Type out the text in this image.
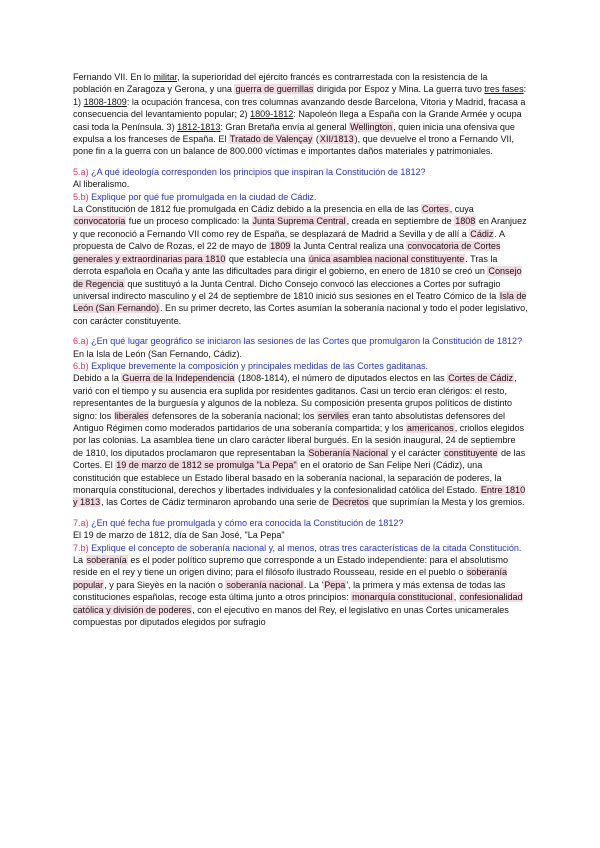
Fernando VII. En lo militar, la superioridad del ejército francés es contrarrestada con la resistencia de la población en Zaragoza y Gerona, y una guerra de guerrillas dirigida por Espoz y Mina. La guerra tuvo tres fases: 1) 1808-1809: la ocupación francesa, con tres columnas avanzando desde Barcelona, Vitoria y Madrid, fracasa a consecuencia del levantamiento popular; 2) 1809-1812: Napoleón llega a España con la Grande Armée y ocupa casi toda la Península. 3) 1812-1813: Gran Bretaña envía al general Wellington, quien inicia una ofensiva que expulsa a los franceses de España. El Tratado de Valençay (XII/1813), que devuelve el trono a Fernando VII, pone fin a la guerra con un balance de 800.000 víctimas e importantes daños materiales y patrimoniales.

5.a) ¿A qué ideología corresponden los principios que inspiran la Constitución de 1812?

Al liberalismo.

5.b) Explique por qué fue promulgada en la ciudad de Cádiz.

La Constitución de 1812 fue promulgada en Cádiz debido a la presencia en ella de las Cortes, cuya convocatoria fue un proceso complicado: la Junta Suprema Central, creada en septiembre de 1808 en Aranjuez y que reconoció a Fernando VII como rey de España, se desplazará de Madrid a Sevilla y de allí a Cádiz. A propuesta de Calvo de Rozas, el 22 de mayo de 1809 la Junta Central realiza una convocatoria de Cortes generales y extraordinarias para 1810 que establecía una única asamblea nacional constituyente. Tras la derrota española en Ocaña y ante las dificultades para dirigir el gobierno, en enero de 1810 se creó un Consejo de Regencia que sustituyó a la Junta Central. Dicho Consejo convocó las elecciones a Cortes por sufragio universal indirecto masculino y el 24 de septiembre de 1810 inició sus sesiones en el Teatro Cómico de la Isla de León (San Fernando). En su primer decreto, las Cortes asumían la soberanía nacional y todo el poder legislativo, con carácter constituyente.

6.a) ¿En qué lugar geográfico se iniciaron las sesiones de las Cortes que promulgaron la Constitución de 1812?

En la Isla de León (San Fernando, Cádiz).

6.b) Explique brevemente la composición y principales medidas de las Cortes gaditanas.

Debido a la Guerra de la Independencia (1808-1814), el número de diputados electos en las Cortes de Cádiz, varió con el tiempo y su ausencia era suplida por residentes gaditanos. Casi un tercio eran clérigos: el resto, representantes de la burguesía y algunos de la nobleza. Su composición presenta grupos políticos de distinto signo: los liberales defensores de la soberanía nacional; los serviles eran tanto absolutistas defensores del Antiguo Régimen como moderados partidarios de una soberanía compartida; y los americanos, criollos elegidos por las colonias. La asamblea tiene un claro carácter liberal burgués. En la sesión inaugural, 24 de septiembre de 1810, los diputados proclamaron que representaban la Soberanía Nacional y el carácter constituyente de las Cortes. El 19 de marzo de 1812 se promulga "La Pepa" en el oratorio de San Felipe Neri (Cádiz), una constitución que establece un Estado liberal basado en la soberanía nacional, la separación de poderes, la monarquía constitucional, derechos y libertades individuales y la confesionalidad católica del Estado. Entre 1810 y 1813, las Cortes de Cádiz terminaron aprobando una serie de Decretos que suprimían la Mesta y los gremios.

7.a) ¿En qué fecha fue promulgada y cómo era conocida la Constitución de 1812?

El 19 de marzo de 1812, día de San José, "La Pepa"

7.b) Explique el concepto de soberanía nacional y, al menos, otras tres características de la citada Constitución.

La soberanía es el poder político supremo que corresponde a un Estado independiente: para el absolutismo reside en el rey y tiene un origen divino; para el filósofo ilustrado Rousseau, reside en el pueblo o soberanía popular, y para Sieyès en la nación o soberanía nacional. La 'Pepa', la primera y más extensa de todas las constituciones españolas, recoge esta última junto a otros principios: monarquía constitucional, confesionalidad católica y división de poderes, con el ejecutivo en manos del Rey, el legislativo en unas Cortes unicamerales compuestas por diputados elegidos por sufragio
